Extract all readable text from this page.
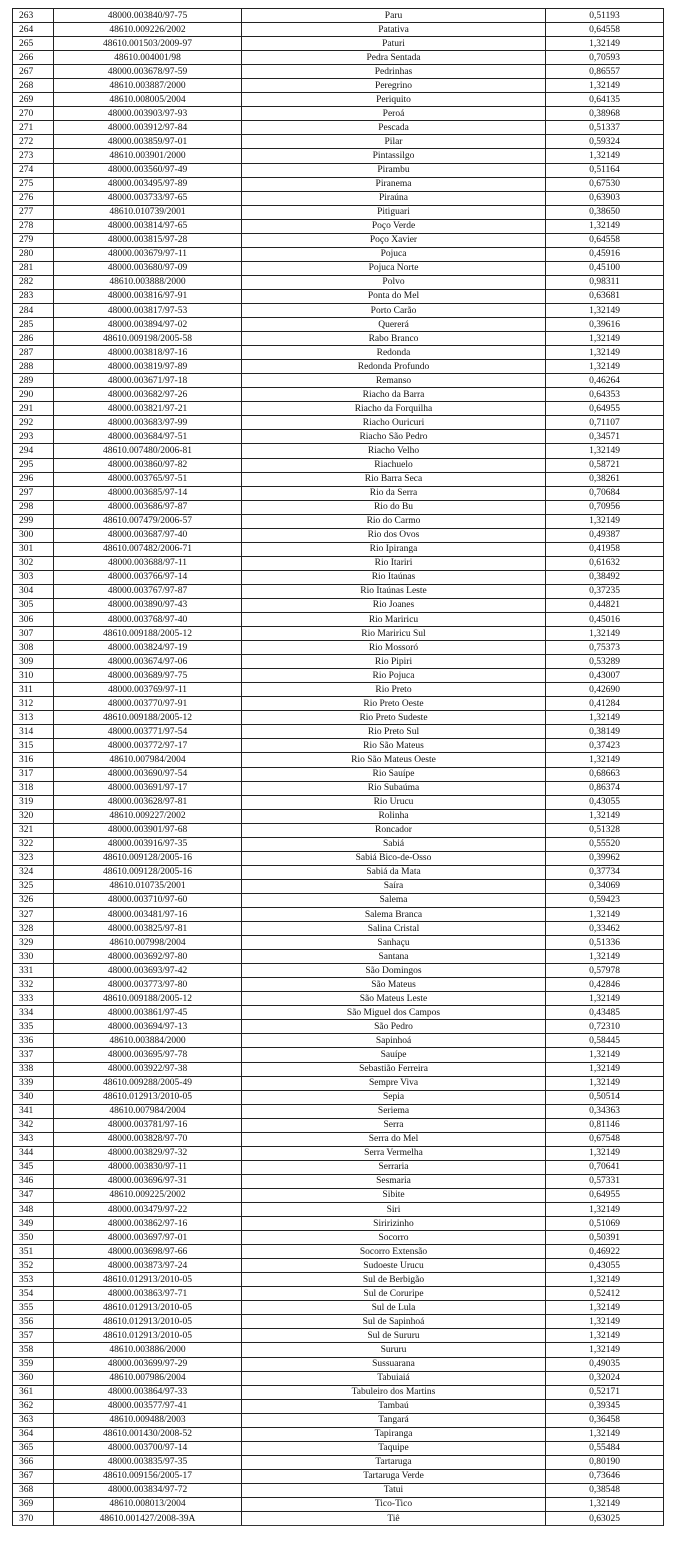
263	48000.003840/97-75	Paru	0,51193
264	48610.009226/2002	Patativa	0,64558
265	48610.001503/2009-97	Paturi	1,32149
266	48610.004001/98	Pedra Sentada	0,70593
267	48000.003678/97-59	Pedrinhas	0,86557
268	48610.003887/2000	Peregrino	1,32149
269	48610.008005/2004	Periquito	0,64135
270	48000.003903/97-93	Peroá	0,38968
271	48000.003912/97-84	Pescada	0,51337
272	48000.003859/97-01	Pilar	0,59324
273	48610.003901/2000	Pintassilgo	1,32149
274	48000.003560/97-49	Pirambu	0,51164
275	48000.003495/97-89	Piranema	0,67530
276	48000.003733/97-65	Piraúna	0,63903
277	48610.010739/2001	Pitiguari	0,38650
278	48000.003814/97-65	Poço Verde	1,32149
279	48000.003815/97-28	Poço Xavier	0,64558
280	48000.003679/97-11	Pojuca	0,45916
281	48000.003680/97-09	Pojuca Norte	0,45100
282	48610.003888/2000	Polvo	0,98311
283	48000.003816/97-91	Ponta do Mel	0,63681
284	48000.003817/97-53	Porto Carão	1,32149
285	48000.003894/97-02	Quererá	0,39616
286	48610.009198/2005-58	Rabo Branco	1,32149
287	48000.003818/97-16	Redonda	1,32149
288	48000.003819/97-89	Redonda Profundo	1,32149
289	48000.003671/97-18	Remanso	0,46264
290	48000.003682/97-26	Riacho da Barra	0,64353
291	48000.003821/97-21	Riacho da Forquilha	0,64955
292	48000.003683/97-99	Riacho Ouricuri	0,71107
293	48000.003684/97-51	Riacho São Pedro	0,34571
294	48610.007480/2006-81	Riacho Velho	1,32149
295	48000.003860/97-82	Riachuelo	0,58721
296	48000.003765/97-51	Rio Barra Seca	0,38261
297	48000.003685/97-14	Rio da Serra	0,70684
298	48000.003686/97-87	Rio do Bu	0,70956
299	48610.007479/2006-57	Rio do Carmo	1,32149
300	48000.003687/97-40	Rio dos Ovos	0,49387
301	48610.007482/2006-71	Rio Ipiranga	0,41958
302	48000.003688/97-11	Rio Itariri	0,61632
303	48000.003766/97-14	Rio Itaúnas	0,38492
304	48000.003767/97-87	Rio Itaúnas Leste	0,37235
305	48000.003890/97-43	Rio Joanes	0,44821
306	48000.003768/97-40	Rio Mariricu	0,45016
307	48610.009188/2005-12	Rio Mariricu Sul	1,32149
308	48000.003824/97-19	Rio Mossoró	0,75373
309	48000.003674/97-06	Rio Pipiri	0,53289
310	48000.003689/97-75	Rio Pojuca	0,43007
311	48000.003769/97-11	Rio Preto	0,42690
312	48000.003770/97-91	Rio Preto Oeste	0,41284
313	48610.009188/2005-12	Rio Preto Sudeste	1,32149
314	48000.003771/97-54	Rio Preto Sul	0,38149
315	48000.003772/97-17	Rio São Mateus	0,37423
316	48610.007984/2004	Rio São Mateus Oeste	1,32149
317	48000.003690/97-54	Rio Sauípe	0,68663
318	48000.003691/97-17	Rio Subaúma	0,86374
319	48000.003628/97-81	Rio Urucu	0,43055
320	48610.009227/2002	Rolinha	1,32149
321	48000.003901/97-68	Roncador	0,51328
322	48000.003916/97-35	Sabiá	0,55520
323	48610.009128/2005-16	Sabiá Bico-de-Osso	0,39962
324	48610.009128/2005-16	Sabiá da Mata	0,37734
325	48610.010735/2001	Saíra	0,34069
326	48000.003710/97-60	Salema	0,59423
327	48000.003481/97-16	Salema Branca	1,32149
328	48000.003825/97-81	Salina Cristal	0,33462
329	48610.007998/2004	Sanhaçu	0,51336
330	48000.003692/97-80	Santana	1,32149
331	48000.003693/97-42	São Domingos	0,57978
332	48000.003773/97-80	São Mateus	0,42846
333	48610.009188/2005-12	São Mateus Leste	1,32149
334	48000.003861/97-45	São Miguel dos Campos	0,43485
335	48000.003694/97-13	São Pedro	0,72310
336	48610.003884/2000	Sapinhoá	0,58445
337	48000.003695/97-78	Sauípe	1,32149
338	48000.003922/97-38	Sebastião Ferreira	1,32149
339	48610.009288/2005-49	Sempre Viva	1,32149
340	48610.012913/2010-05	Sepia	0,50514
341	48610.007984/2004	Seriema	0,34363
342	48000.003781/97-16	Serra	0,81146
343	48000.003828/97-70	Serra do Mel	0,67548
344	48000.003829/97-32	Serra Vermelha	1,32149
345	48000.003830/97-11	Serraria	0,70641
346	48000.003696/97-31	Sesmaria	0,57331
347	48610.009225/2002	Sibite	0,64955
348	48000.003479/97-22	Siri	1,32149
349	48000.003862/97-16	Siririzinho	0,51069
350	48000.003697/97-01	Socorro	0,50391
351	48000.003698/97-66	Socorro Extensão	0,46922
352	48000.003873/97-24	Sudoeste Urucu	0,43055
353	48610.012913/2010-05	Sul de Berbigão	1,32149
354	48000.003863/97-71	Sul de Coruripe	0,52412
355	48610.012913/2010-05	Sul de Lula	1,32149
356	48610.012913/2010-05	Sul de Sapinhoá	1,32149
357	48610.012913/2010-05	Sul de Sururu	1,32149
358	48610.003886/2000	Sururu	1,32149
359	48000.003699/97-29	Sussuarana	0,49035
360	48610.007986/2004	Tabuiaiá	0,32024
361	48000.003864/97-33	Tabuleiro dos Martins	0,52171
362	48000.003577/97-41	Tambaú	0,39345
363	48610.009488/2003	Tangará	0,36458
364	48610.001430/2008-52	Tapiranga	1,32149
365	48000.003700/97-14	Taquipe	0,55484
366	48000.003835/97-35	Tartaruga	0,80190
367	48610.009156/2005-17	Tartaruga Verde	0,73646
368	48000.003834/97-72	Tatui	0,38548
369	48610.008013/2004	Tico-Tico	1,32149
370	48610.001427/2008-39A	Tiê	0,63025
